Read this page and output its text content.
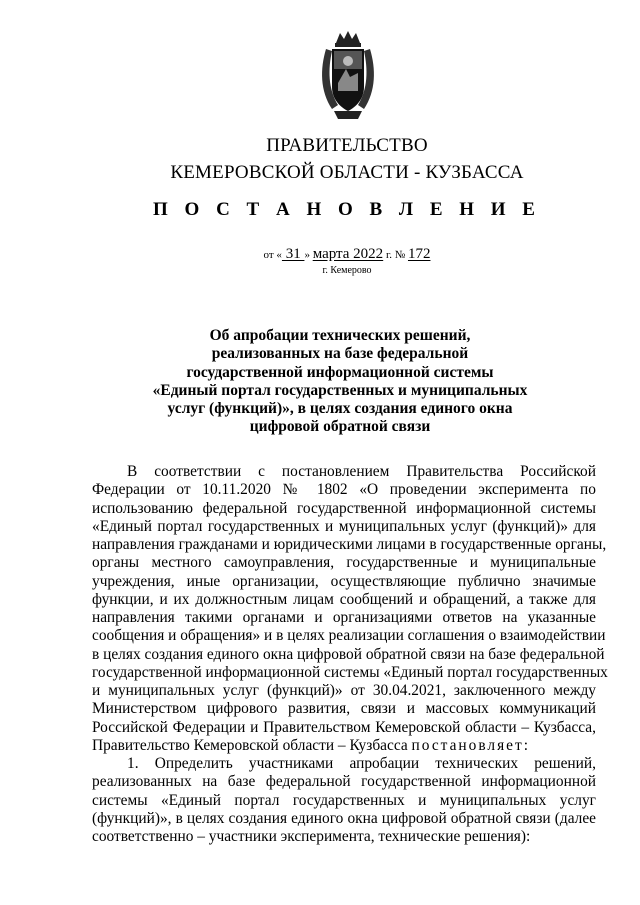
ПРАВИТЕЛЬСТВО
КЕМЕРОВСКОЙ ОБЛАСТИ - КУЗБАССА
П О С Т А Н О В Л Е Н И Е
от « 31 » марта 2022 г. № 172
г. Кемерово
Об апробации технических решений,
реализованных на базе федеральной
государственной информационной системы
«Единый портал государственных и муниципальных
услуг (функций)», в целях создания единого окна
цифровой обратной связи
В соответствии с постановлением Правительства Российской
Федерации от 10.11.2020 № 1802 «О проведении эксперимента по
использованию федеральной государственной информационной системы
«Единый портал государственных и муниципальных услуг (функций)» для
направления гражданами и юридическими лицами в государственные органы,
органы местного самоуправления, государственные и муниципальные
учреждения, иные организации, осуществляющие публично значимые
функции, и их должностным лицам сообщений и обращений, а также для
направления такими органами и организациями ответов на указанные
сообщения и обращения» и в целях реализации соглашения о взаимодействии
в целях создания единого окна цифровой обратной связи на базе федеральной
государственной информационной системы «Единый портал государственных
и муниципальных услуг (функций)» от 30.04.2021, заключенного между
Министерством цифрового развития, связи и массовых коммуникаций
Российской Федерации и Правительством Кемеровской области – Кузбасса,
Правительство Кемеровской области – Кузбасса постановляет:
1. Определить участниками апробации технических решений,
реализованных на базе федеральной государственной информационной
системы «Единый портал государственных и муниципальных услуг
(функций)», в целях создания единого окна цифровой обратной связи (далее
соответственно – участники эксперимента, технические решения):
